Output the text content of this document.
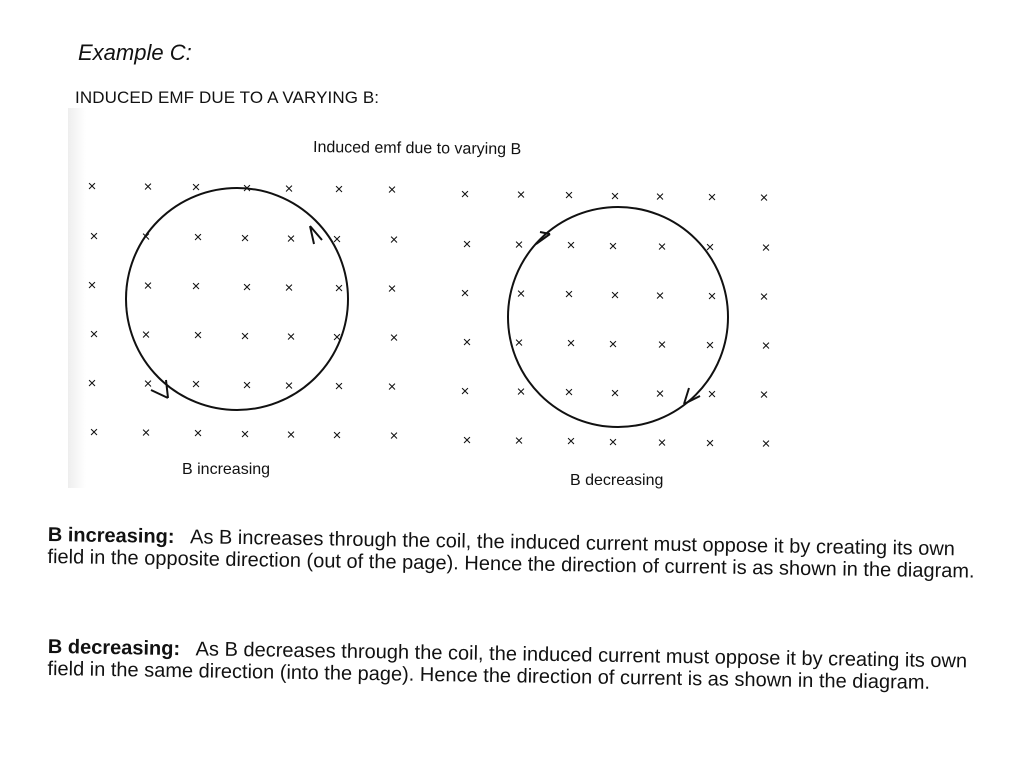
Example C:
INDUCED EMF DUE TO A VARYING B:
Induced emf due to varying B
×	×	×	× ×	×	×
×	×	×	× × ×	×
×	×	×	× ×	×	×
×	×	×	× × ×	×
×	×	×	× ×	×	×
×	×	×	× × ×	×
×	×	× × ×	×	×
×	×	× ×	×	×	×
×	×	× × ×	×	×
×	×	× ×	×	×	×
×	×	× × ×	×	×
×	×	× ×	×	×	×
B increasing
B decreasing
B increasing: As B increases through the coil, the induced current must oppose it by creating its own field in the opposite direction (out of the page). Hence the direction of current is as shown in the diagram.
B decreasing: As B decreases through the coil, the induced current must oppose it by creating its own field in the same direction (into the page). Hence the direction of current is as shown in the diagram.
